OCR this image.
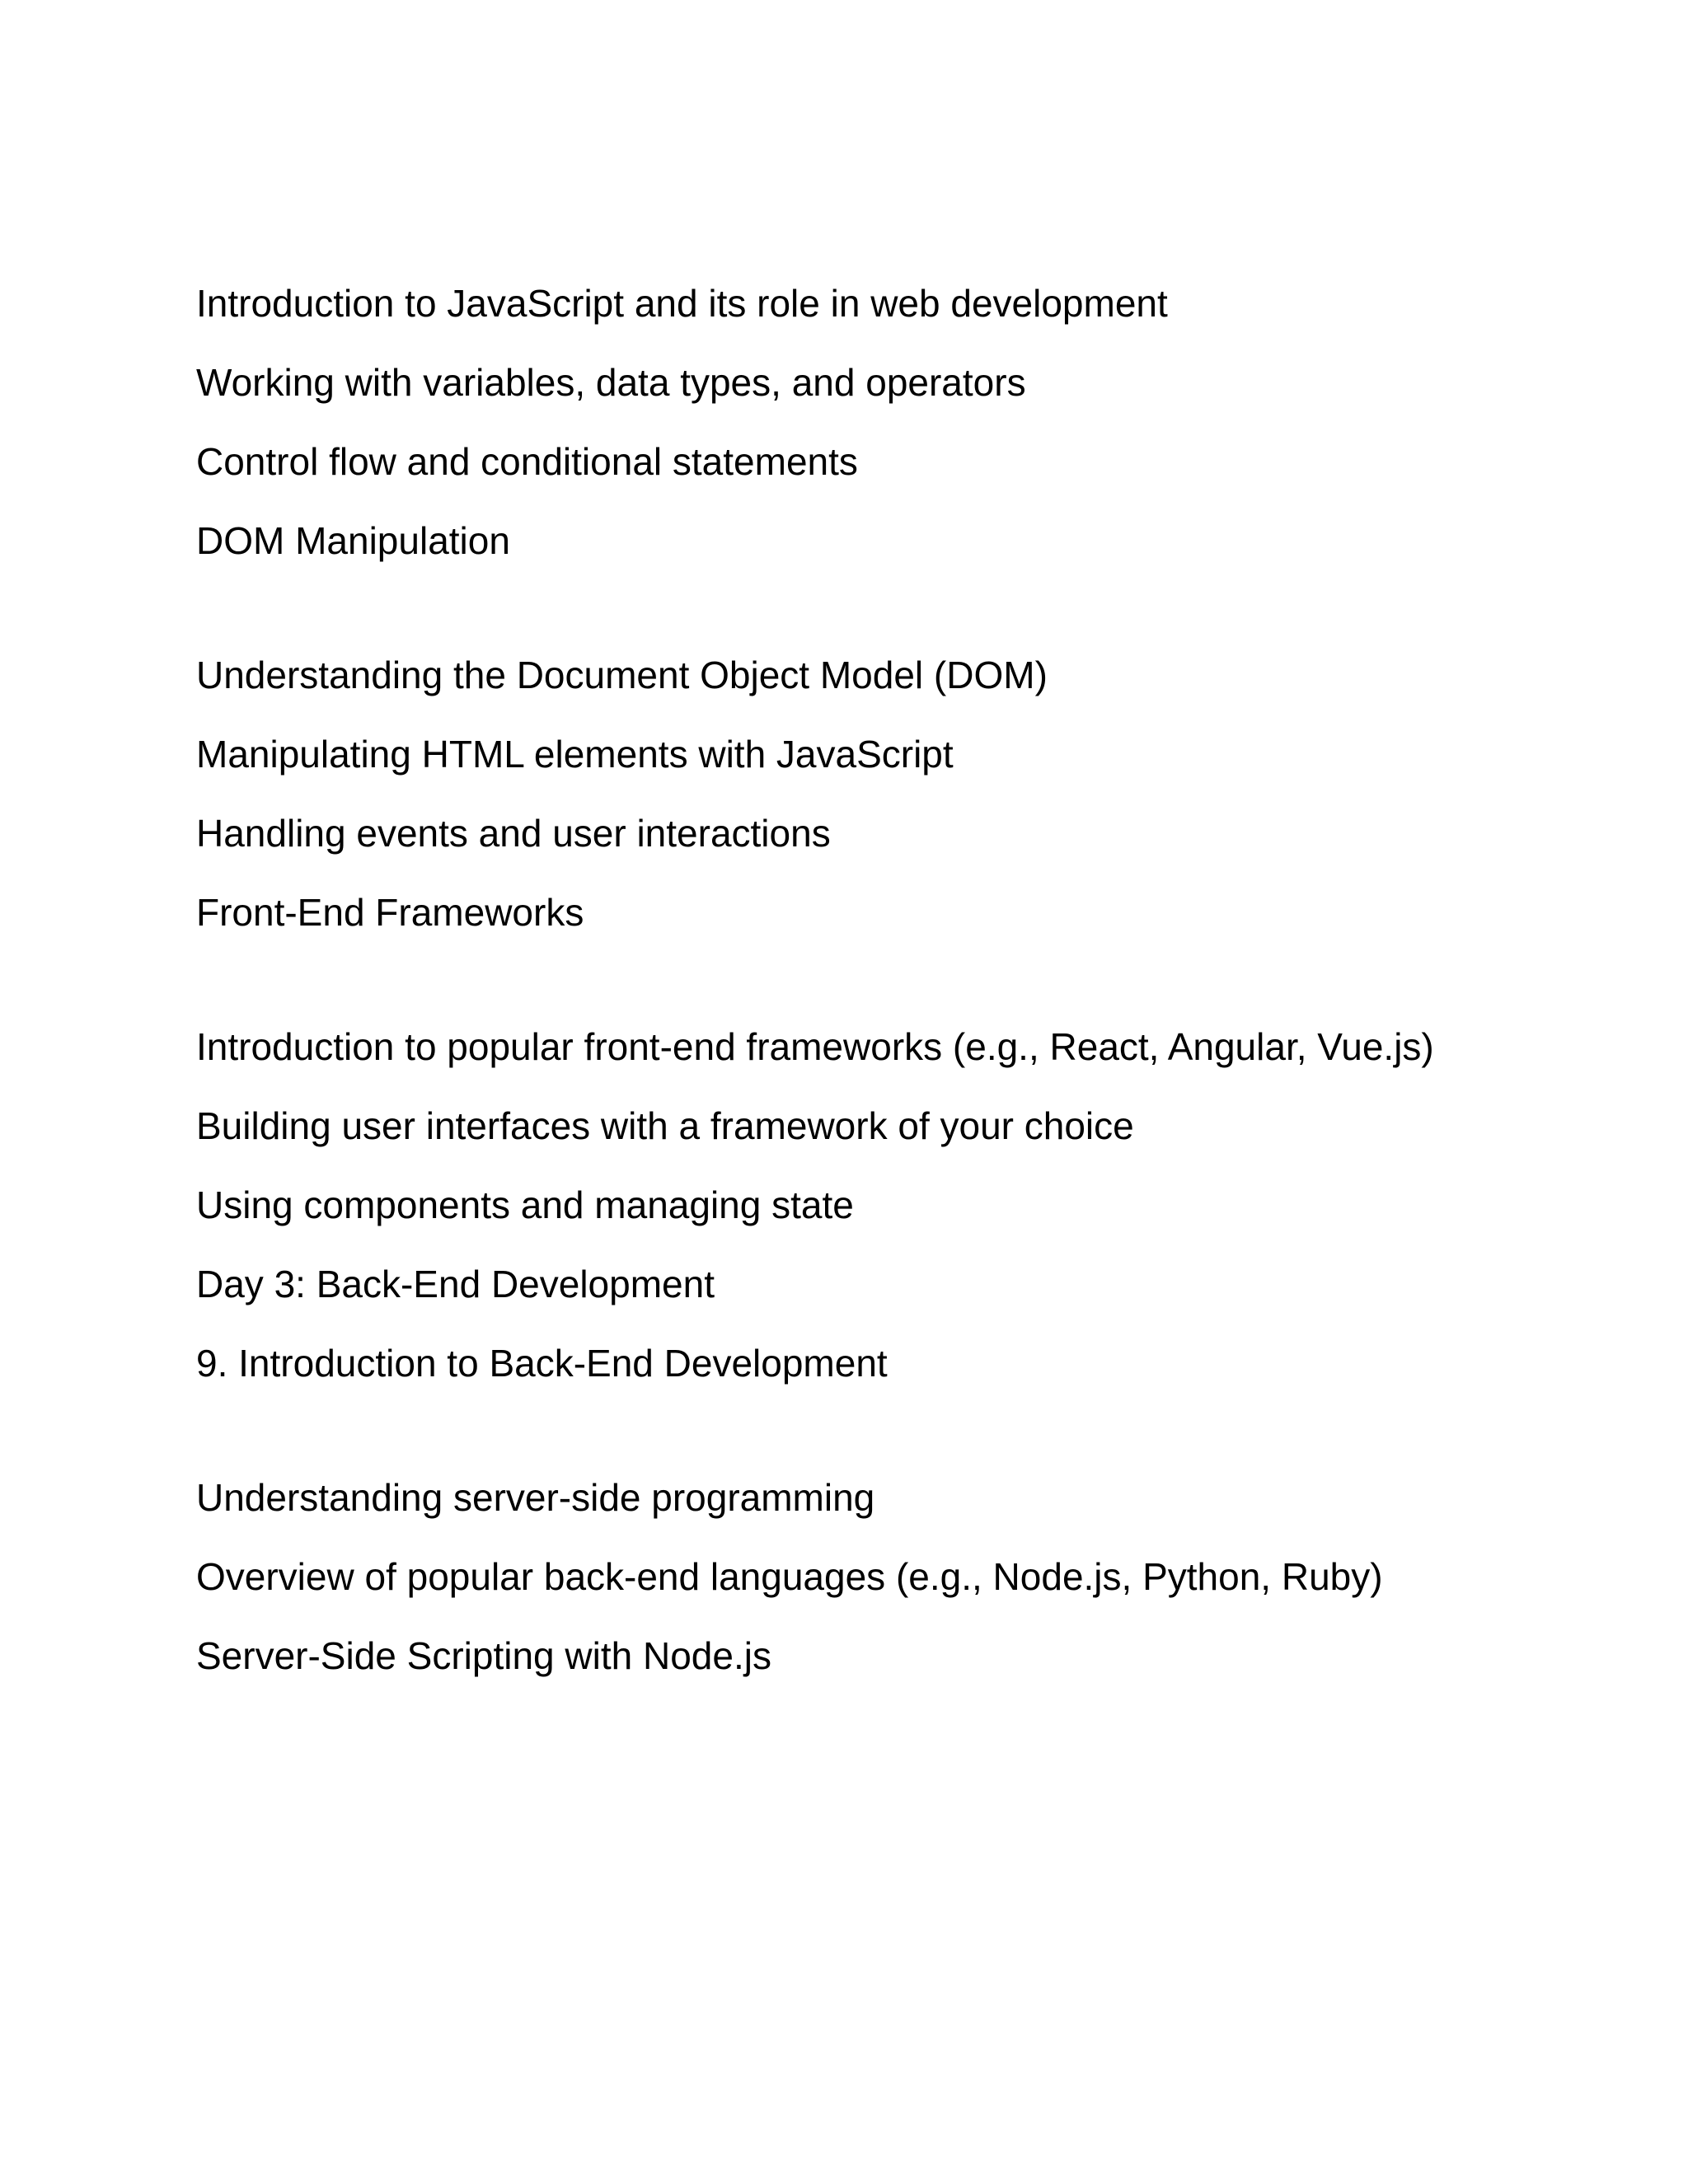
Introduction to JavaScript and its role in web development

Working with variables, data types, and operators

Control flow and conditional statements

DOM Manipulation

Understanding the Document Object Model (DOM)

Manipulating HTML elements with JavaScript

Handling events and user interactions

Front-End Frameworks

Introduction to popular front-end frameworks (e.g., React, Angular, Vue.js)

Building user interfaces with a framework of your choice

Using components and managing state

Day 3: Back-End Development

9. Introduction to Back-End Development

Understanding server-side programming

Overview of popular back-end languages (e.g., Node.js, Python, Ruby)

Server-Side Scripting with Node.js
